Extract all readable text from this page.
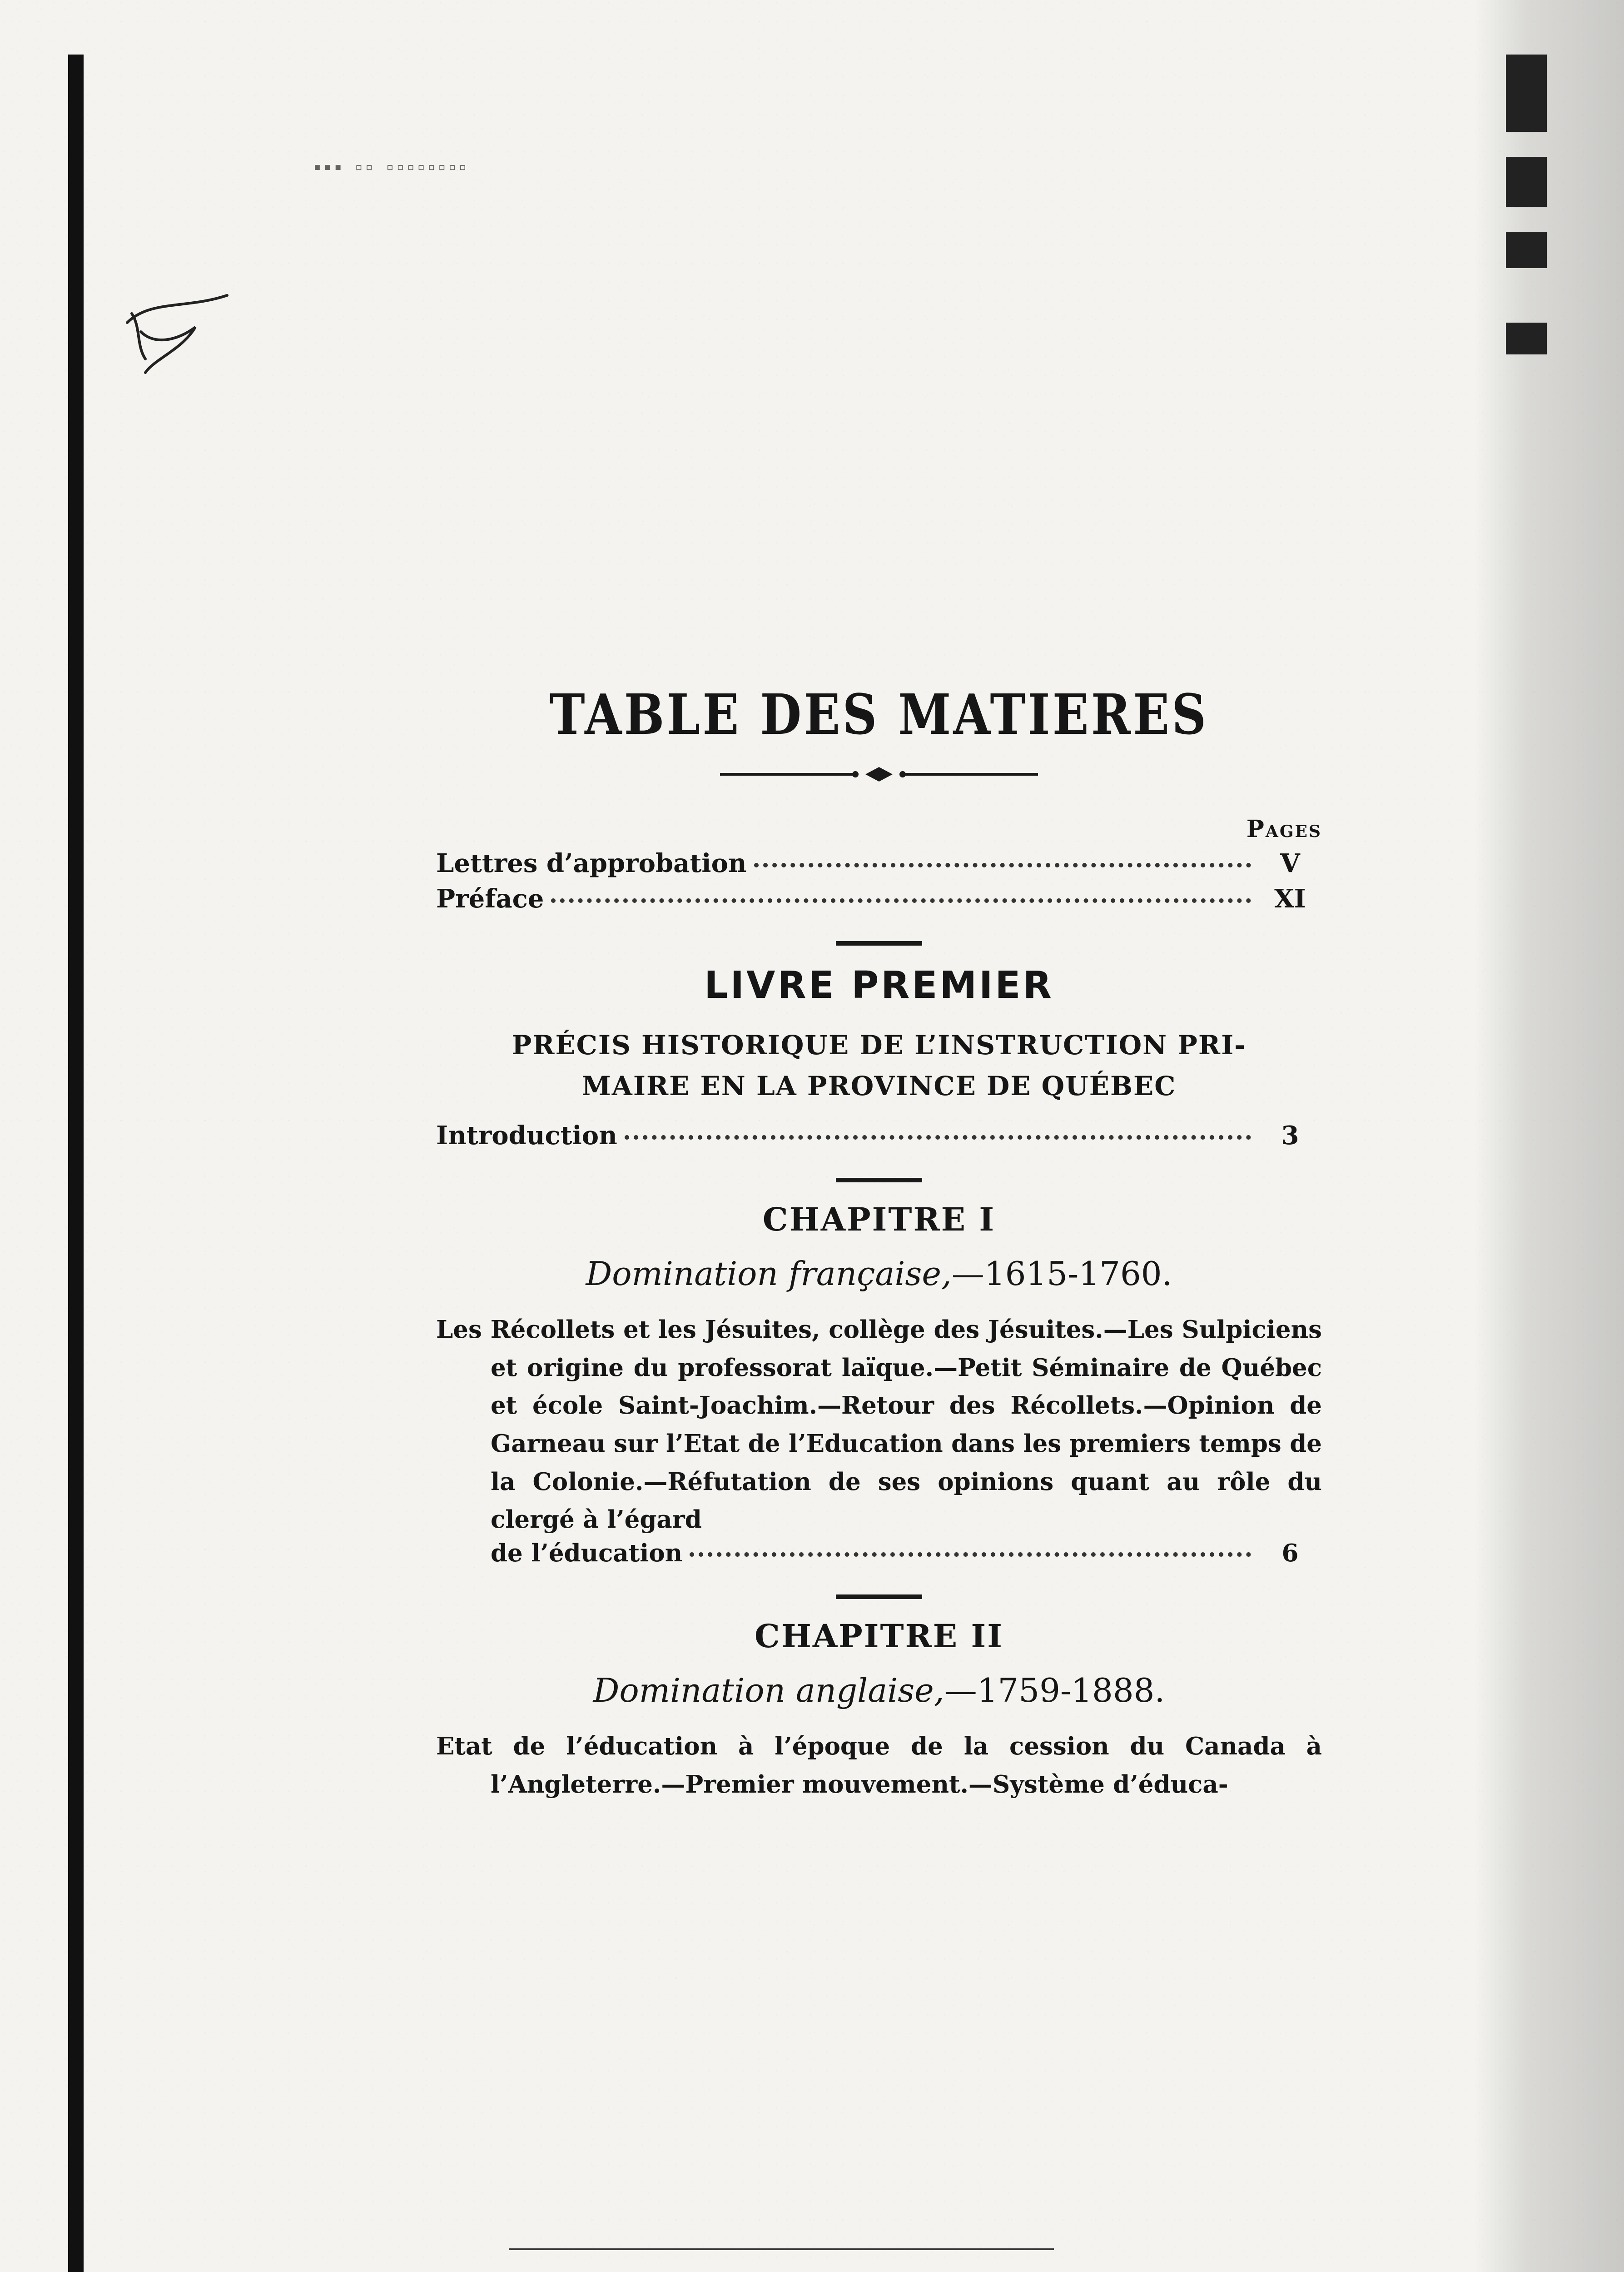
▪▪▪ ▫▫ ▫▫▫▫▫▫▫▫
TABLE DES MATIERES
Pages
Lettres d’approbation	V
Préface	XI
LIVRE PREMIER
PRÉCIS HISTORIQUE DE L’INSTRUCTION PRI-
MAIRE EN LA PROVINCE DE QUÉBEC
Introduction	3
CHAPITRE I
Domination française,—1615-1760.

Les Récollets et les Jésuites, collège des Jésuites.—Les Sulpiciens et origine du professorat laïque.—Petit Séminaire de Québec et école Saint-Joachim.—Retour des Récollets.—Opinion de Garneau sur l’Etat de l’Education dans les premiers temps de la Colonie.—Réfutation de ses opinions quant au rôle du clergé à l’égard

de l’éducation	6
CHAPITRE II
Domination anglaise,—1759-1888.

Etat de l’éducation à l’époque de la cession du Canada à l’Angleterre.—Premier mouvement.—Système d’éduca-
